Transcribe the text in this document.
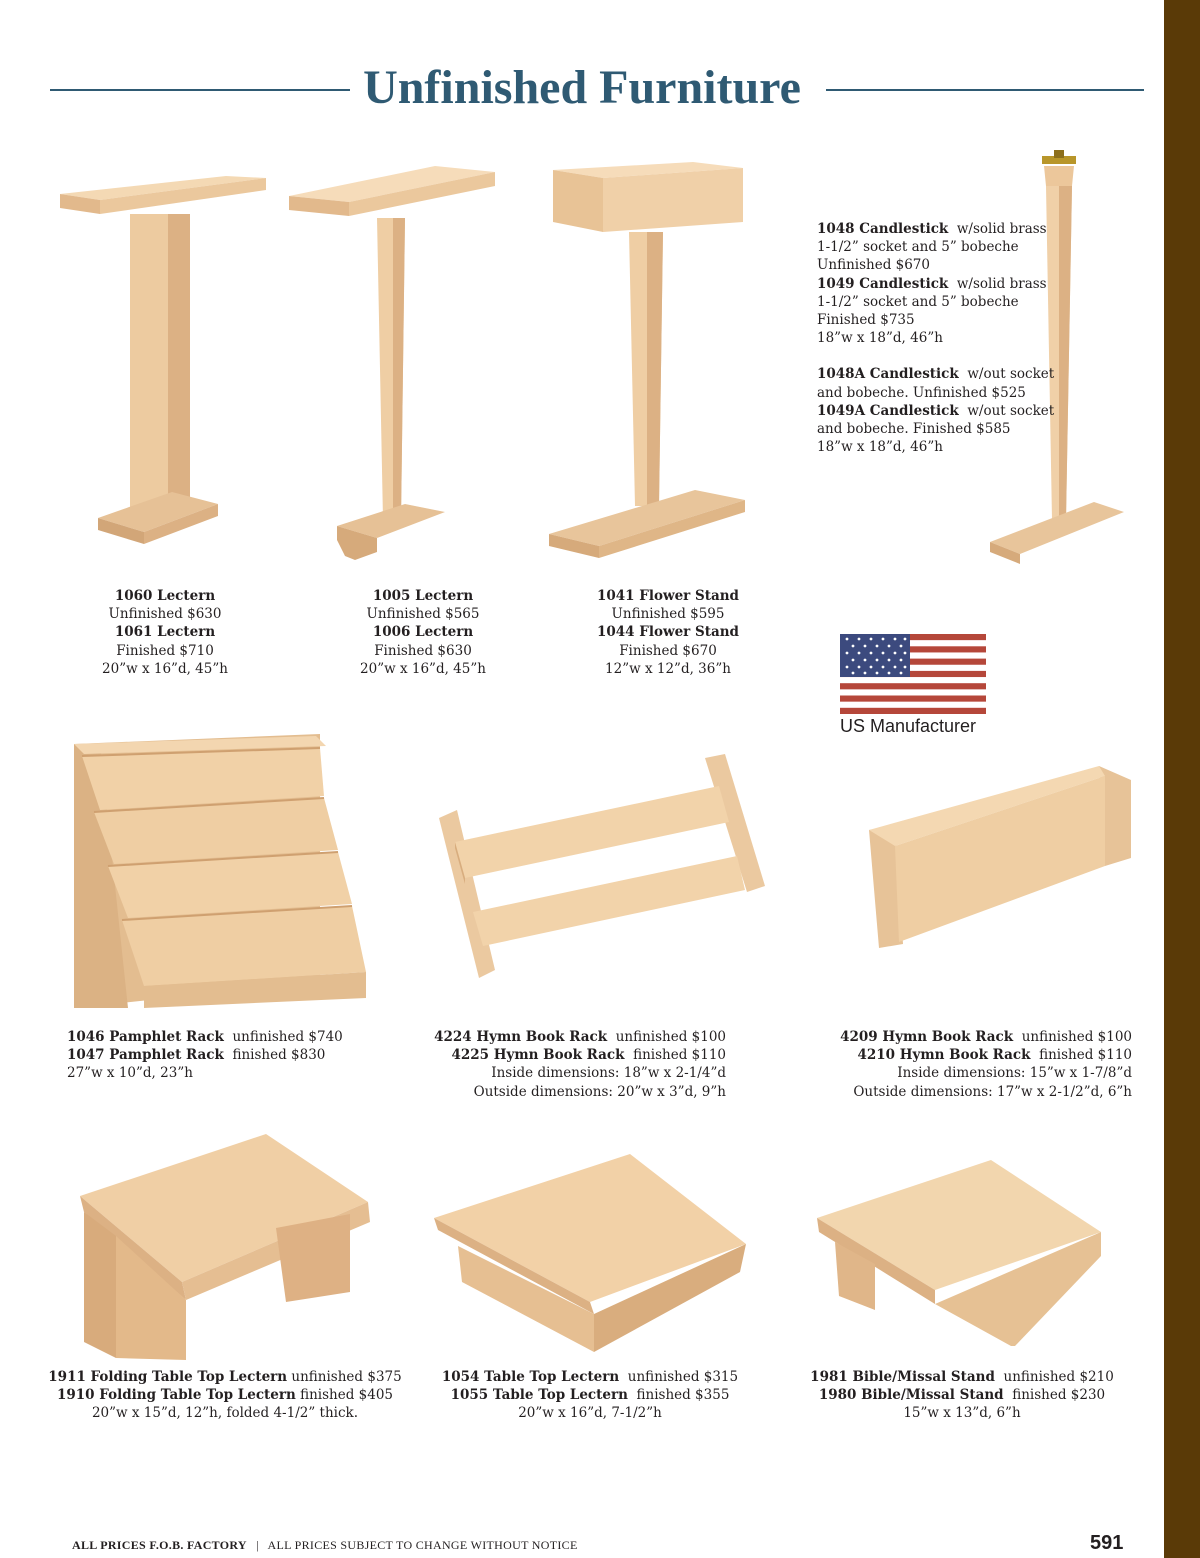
Unfinished Furniture
1060 Lectern
Unfinished $630
1061 Lectern
Finished $710
20”w x 16”d, 45”h
1005 Lectern
Unfinished $565
1006 Lectern
Finished $630
20”w x 16”d, 45”h
1041 Flower Stand
Unfinished $595
1044 Flower Stand
Finished $670
12”w x 12”d, 36”h
1048 Candlestick w/solid brass
1-1/2” socket and 5” bobeche
Unfinished $670
1049 Candlestick w/solid brass
1-1/2” socket and 5” bobeche
Finished $735
18”w x 18”d, 46”h
1048A Candlestick w/out socket
and bobeche. Unfinished $525
1049A Candlestick w/out socket
and bobeche. Finished $585
18”w x 18”d, 46”h
US Manufacturer
1046 Pamphlet Rack unfinished $740
1047 Pamphlet Rack finished $830
27”w x 10”d, 23”h
4224 Hymn Book Rack unfinished $100
4225 Hymn Book Rack finished $110
Inside dimensions: 18”w x 2-1/4”d
Outside dimensions: 20”w x 3”d, 9”h
4209 Hymn Book Rack unfinished $100
4210 Hymn Book Rack finished $110
Inside dimensions: 15”w x 1-7/8”d
Outside dimensions: 17”w x 2-1/2”d, 6”h
1911 Folding Table Top Lectern unfinished $375
1910 Folding Table Top Lectern finished $405
20”w x 15”d, 12”h, folded 4-1/2” thick.
1054 Table Top Lectern unfinished $315
1055 Table Top Lectern finished $355
20”w x 16”d, 7-1/2”h
1981 Bible/Missal Stand unfinished $210
1980 Bible/Missal Stand finished $230
15”w x 13”d, 6”h
ALL PRICES F.O.B. FACTORY | ALL PRICES SUBJECT TO CHANGE WITHOUT NOTICE	591
